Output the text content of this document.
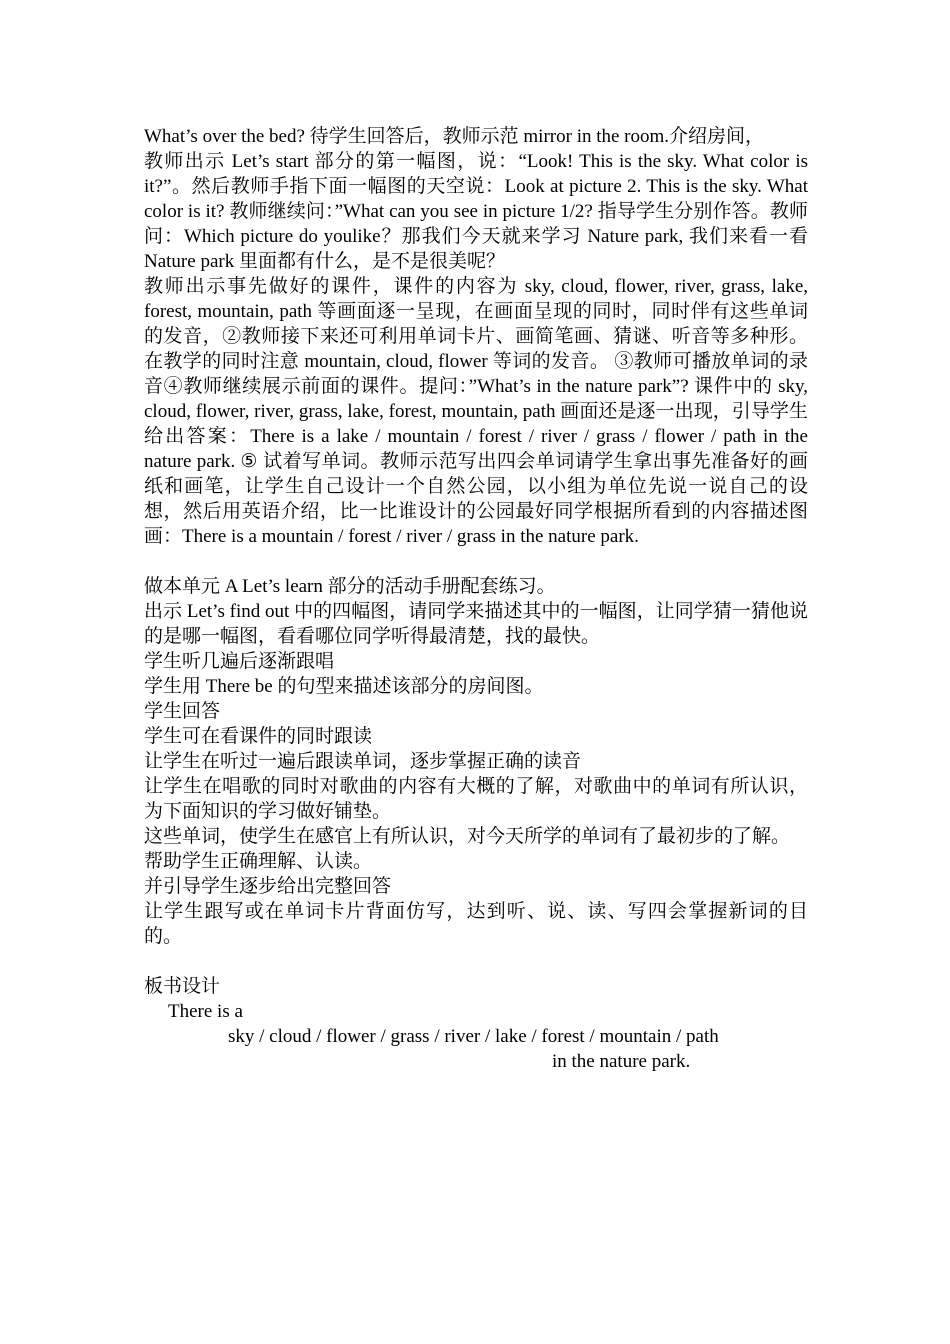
What’s over the bed? 待学生回答后，教师示范 mirror in the room.介绍房间，

教师出示 Let’s start 部分的第一幅图，说：“Look! This is the sky. What color is it?”。然后教师手指下面一幅图的天空说：Look at picture 2. This is the sky. What color is it? 教师继续问：”What can you see in picture 1/2? 指导学生分别作答。教师问：Which picture do youlike？那我们今天就来学习 Nature park, 我们来看一看 Nature park 里面都有什么，是不是很美呢？

教师出示事先做好的课件，课件的内容为 sky, cloud, flower, river, grass, lake, forest, mountain, path 等画面逐一呈现，在画面呈现的同时，同时伴有这些单词的发音，②教师接下来还可利用单词卡片、画简笔画、猜谜、听音等多种形。在教学的同时注意 mountain, cloud, flower 等词的发音。 ③教师可播放单词的录音④教师继续展示前面的课件。提问：”What’s in the nature park”? 课件中的 sky, cloud, flower, river, grass, lake, forest, mountain, path 画面还是逐一出现，引导学生给出答案：There is a lake / mountain / forest / river / grass / flower / path in the nature park. ⑤ 试着写单词。教师示范写出四会单词请学生拿出事先准备好的画纸和画笔，让学生自己设计一个自然公园，以小组为单位先说一说自己的设想，然后用英语介绍，比一比谁设计的公园最好同学根据所看到的内容描述图画：There is a mountain / forest / river / grass in the nature park.

做本单元 A Let’s learn 部分的活动手册配套练习。

出示 Let’s find out 中的四幅图，请同学来描述其中的一幅图，让同学猜一猜他说的是哪一幅图，看看哪位同学听得最清楚，找的最快。

学生听几遍后逐渐跟唱

学生用 There be 的句型来描述该部分的房间图。

学生回答

学生可在看课件的同时跟读

让学生在听过一遍后跟读单词，逐步掌握正确的读音

让学生在唱歌的同时对歌曲的内容有大概的了解，对歌曲中的单词有所认识，为下面知识的学习做好铺垫。

这些单词，使学生在感官上有所认识，对今天所学的单词有了最初步的了解。

帮助学生正确理解、认读。

并引导学生逐步给出完整回答

让学生跟写或在单词卡片背面仿写，达到听、说、读、写四会掌握新词的目的。

板书设计

There is a

sky / cloud / flower / grass / river / lake / forest / mountain / path

in the nature park.
